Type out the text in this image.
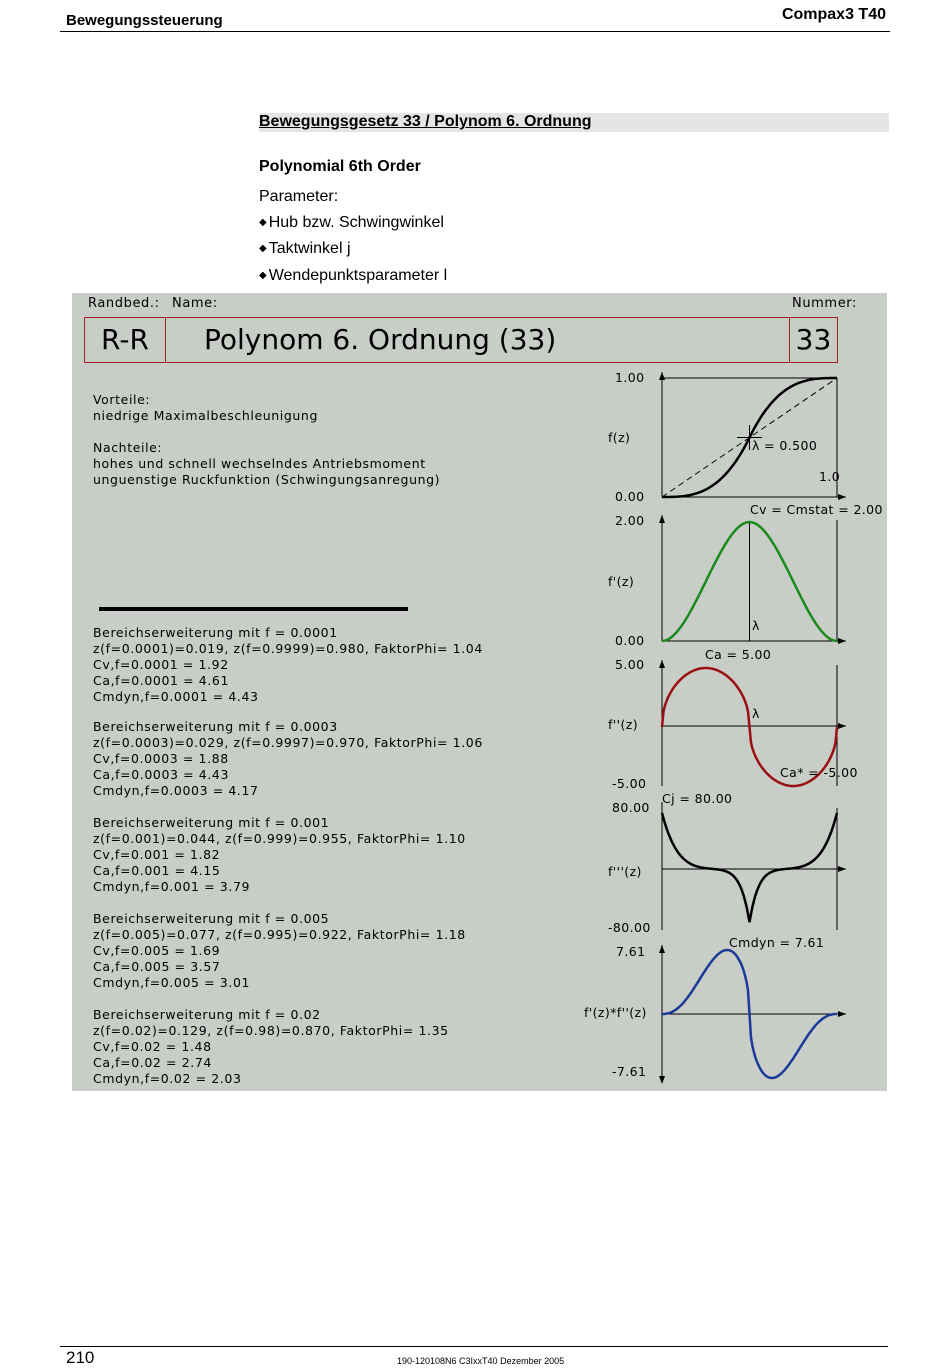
Bewegungssteuerung	Compax3 T40
Bewegungsgesetz 33 / Polynom 6. Ordnung
Polynomial 6th Order
Parameter:
◆ Hub bzw. Schwingwinkel
◆ Taktwinkel j
◆ Wendepunktsparameter l
Randbed.: Name:	Nummer:
R-R	Polynom 6. Ordnung (33)	33
Vorteile:
niedrige Maximalbeschleunigung
Nachteile:
hohes und schnell wechselndes Antriebsmoment
unguenstige Ruckfunktion (Schwingungsanregung)
Bereichserweiterung mit f = 0.0001
z(f=0.0001)=0.019, z(f=0.9999)=0.980, FaktorPhi= 1.04
Cv,f=0.0001 = 1.92
Ca,f=0.0001 = 4.61
Cmdyn,f=0.0001 = 4.43
Bereichserweiterung mit f = 0.0003
z(f=0.0003)=0.029, z(f=0.9997)=0.970, FaktorPhi= 1.06
Cv,f=0.0003 = 1.88
Ca,f=0.0003 = 4.43
Cmdyn,f=0.0003 = 4.17
Bereichserweiterung mit f = 0.001
z(f=0.001)=0.044, z(f=0.999)=0.955, FaktorPhi= 1.10
Cv,f=0.001 = 1.82
Ca,f=0.001 = 4.15
Cmdyn,f=0.001 = 3.79
Bereichserweiterung mit f = 0.005
z(f=0.005)=0.077, z(f=0.995)=0.922, FaktorPhi= 1.18
Cv,f=0.005 = 1.69
Ca,f=0.005 = 3.57
Cmdyn,f=0.005 = 3.01
Bereichserweiterung mit f = 0.02
z(f=0.02)=0.129, z(f=0.98)=0.870, FaktorPhi= 1.35
Cv,f=0.02 = 1.48
Ca,f=0.02 = 2.74
Cmdyn,f=0.02 = 2.03
1.00
0.00
f(z)
λ = 0.500
1.0
2.00
0.00
f'(z)
Cv = Cmstat = 2.00
λ
5.00
-5.00
f''(z)
Ca = 5.00
Ca* = -5.00
λ
80.00
-80.00
f'''(z)
Cj = 80.00
7.61
-7.61
f'(z)*f''(z)
Cmdyn = 7.61
210	190-120108N6 C3IxxT40 Dezember 2005
